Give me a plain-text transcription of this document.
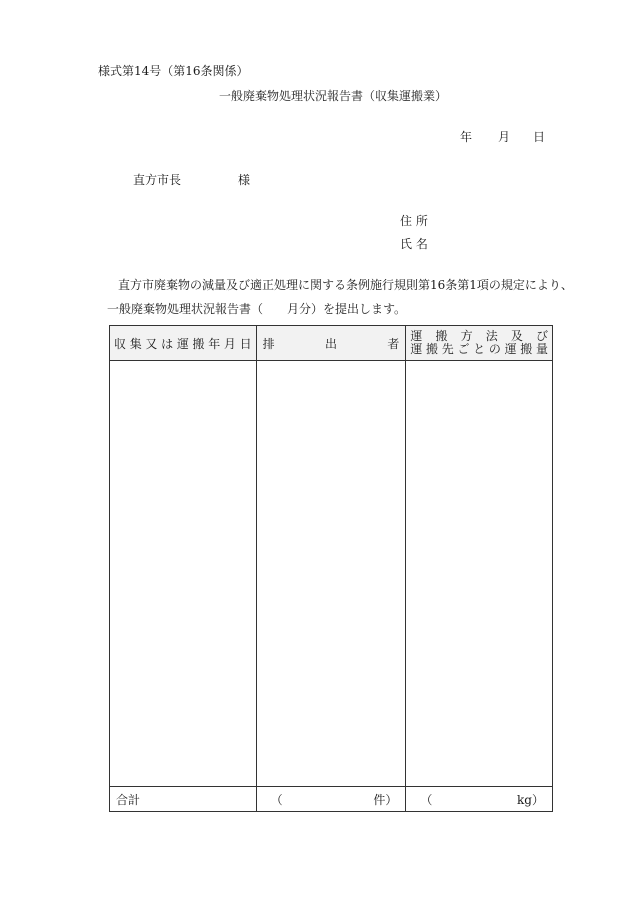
様式第14号（第16条関係）
一般廃棄物処理状況報告書（収集運搬業）
年 月 日
直方市長	様
住 所
氏 名
直方市廃棄物の減量及び適正処理に関する条例施行規則第16条第1項の規定により、
一般廃棄物処理状況報告書（　　月分）を提出します。
収集又は運搬年月日	排 出 者	運搬方法及び
運搬先ごとの運搬量

合計	（ 件）	（ kg）
